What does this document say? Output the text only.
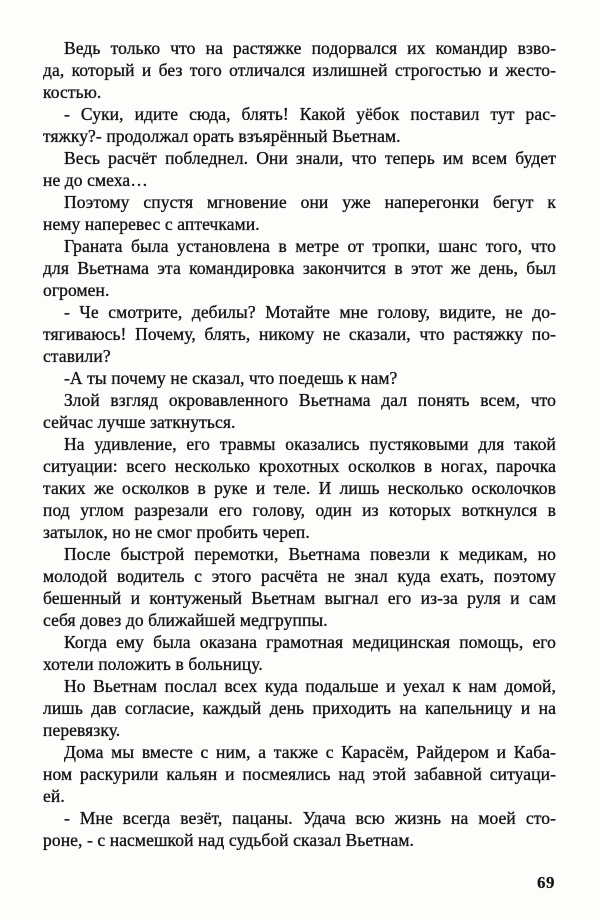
Ведь только что на растяжке подорвался их командир взво-
да, который и без того отличался излишней строгостью и жесто-
костью.
- Суки, идите сюда, блять! Какой уёбок поставил тут рас-
тяжку?- продолжал орать взъярённый Вьетнам.
Весь расчёт побледнел. Они знали, что теперь им всем будет
не до смеха…
Поэтому спустя мгновение они уже наперегонки бегут к
нему наперевес с аптечками.
Граната была установлена в метре от тропки, шанс того, что
для Вьетнама эта командировка закончится в этот же день, был
огромен.
- Че смотрите, дебилы? Мотайте мне голову, видите, не до-
тягиваюсь! Почему, блять, никому не сказали, что растяжку по-
ставили?
-А ты почему не сказал, что поедешь к нам?
Злой взгляд окровавленного Вьетнама дал понять всем, что
сейчас лучше заткнуться.
На удивление, его травмы оказались пустяковыми для такой
ситуации: всего несколько крохотных осколков в ногах, парочка
таких же осколков в руке и теле. И лишь несколько осколочков
под углом разрезали его голову, один из которых воткнулся в
затылок, но не смог пробить череп.
После быстрой перемотки, Вьетнама повезли к медикам, но
молодой водитель с этого расчёта не знал куда ехать, поэтому
бешенный и контуженый Вьетнам выгнал его из-за руля и сам
себя довез до ближайшей медгруппы.
Когда ему была оказана грамотная медицинская помощь, его
хотели положить в больницу.
Но Вьетнам послал всех куда подальше и уехал к нам домой,
лишь дав согласие, каждый день приходить на капельницу и на
перевязку.
Дома мы вместе с ним, а также с Карасём, Райдером и Каба-
ном раскурили кальян и посмеялись над этой забавной ситуаци-
ей.
- Мне всегда везёт, пацаны. Удача всю жизнь на моей сто-
роне, - с насмешкой над судьбой сказал Вьетнам.
69
